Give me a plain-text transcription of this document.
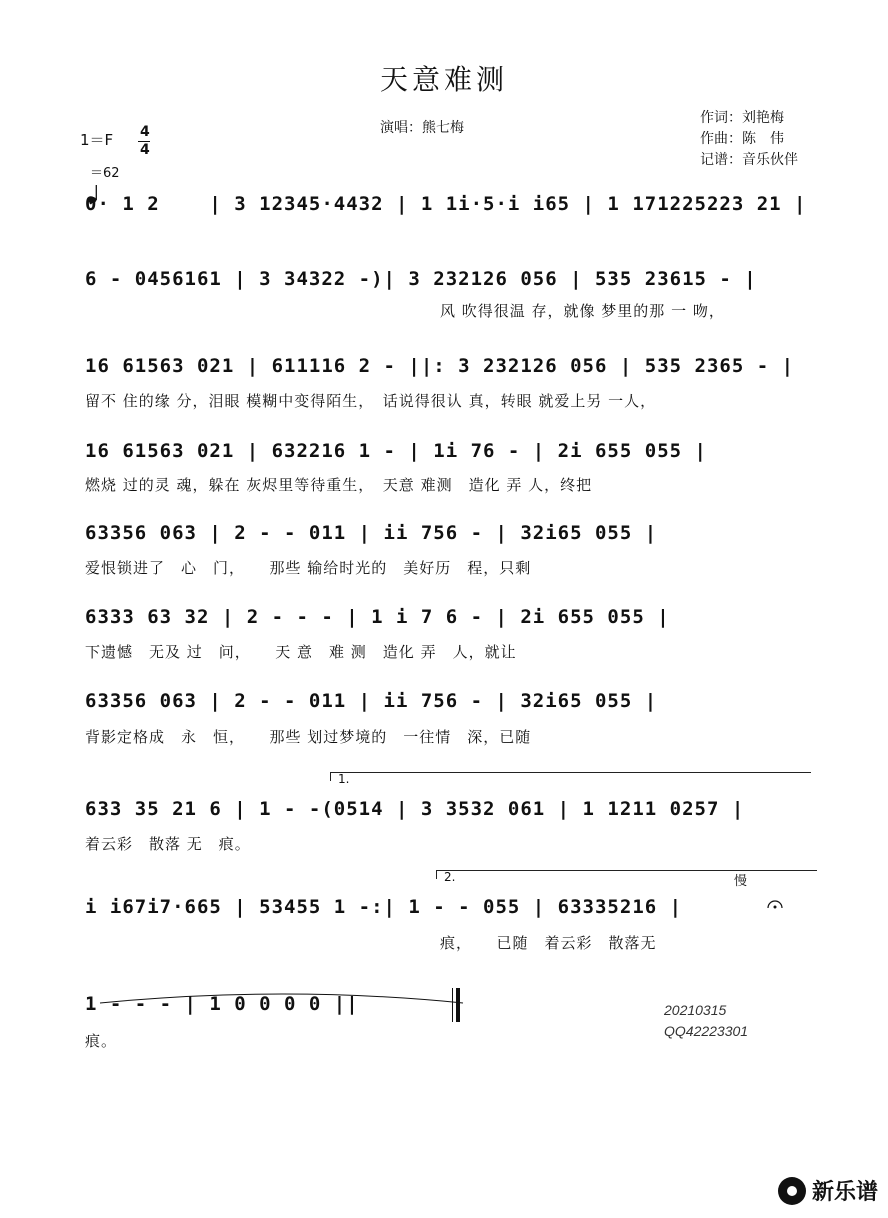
天意难测
演唱：熊七梅
作词：刘艳梅
作曲：陈　伟
记谱：音乐伙伴
1＝F 4
4

＝62
0· 1 2    | 3 12345·4432 | 1 1i·5·i i65 | 1 171225223 21 |
6 - 0456161 | 3 34322 -)| 3 232126 056 | 535 23615 - |
风 吹得很温 存，就像 梦里的那 一 吻，
16 61563 021 | 611116 2 - ||: 3 232126 056 | 535 2365 - |
留不 住的缘 分，泪眼 模糊中变得陌生，　话说得很认 真，转眼 就爱上另 一人，
16 61563 021 | 632216 1 - | 1i 76 - | 2i 655 055 |
燃烧 过的灵 魂，躲在 灰烬里等待重生，　天意 难测　造化 弄 人，终把
63356 063 | 2 - - 011 | ii 756 - | 32i65 055 |
爱恨锁进了　心　门，　　那些 输给时光的　美好历　程，只剩
6333 63 32 | 2 - - - | 1 i 7 6 - | 2i 655 055 |
下遗憾　无及 过　问，　　天 意　难 测　造化 弄　人，就让
63356 063 | 2 - - 011 | ii 756 - | 32i65 055 |
背影定格成　永　恒，　　那些 划过梦境的　一往情　深，已随
1.
633 35 21 6 | 1 - -(0514 | 3 3532 061 | 1 1211 0257 |
着云彩　散落 无　痕。
2.	慢

i i67i7·665 | 53455 1 -:| 1 - - 055 | 63335216 |
痕，　　已随　着云彩　散落无

1 - - - | 1 0 0 0 0 ||
痕。
20210315
QQ42223301
新乐谱
